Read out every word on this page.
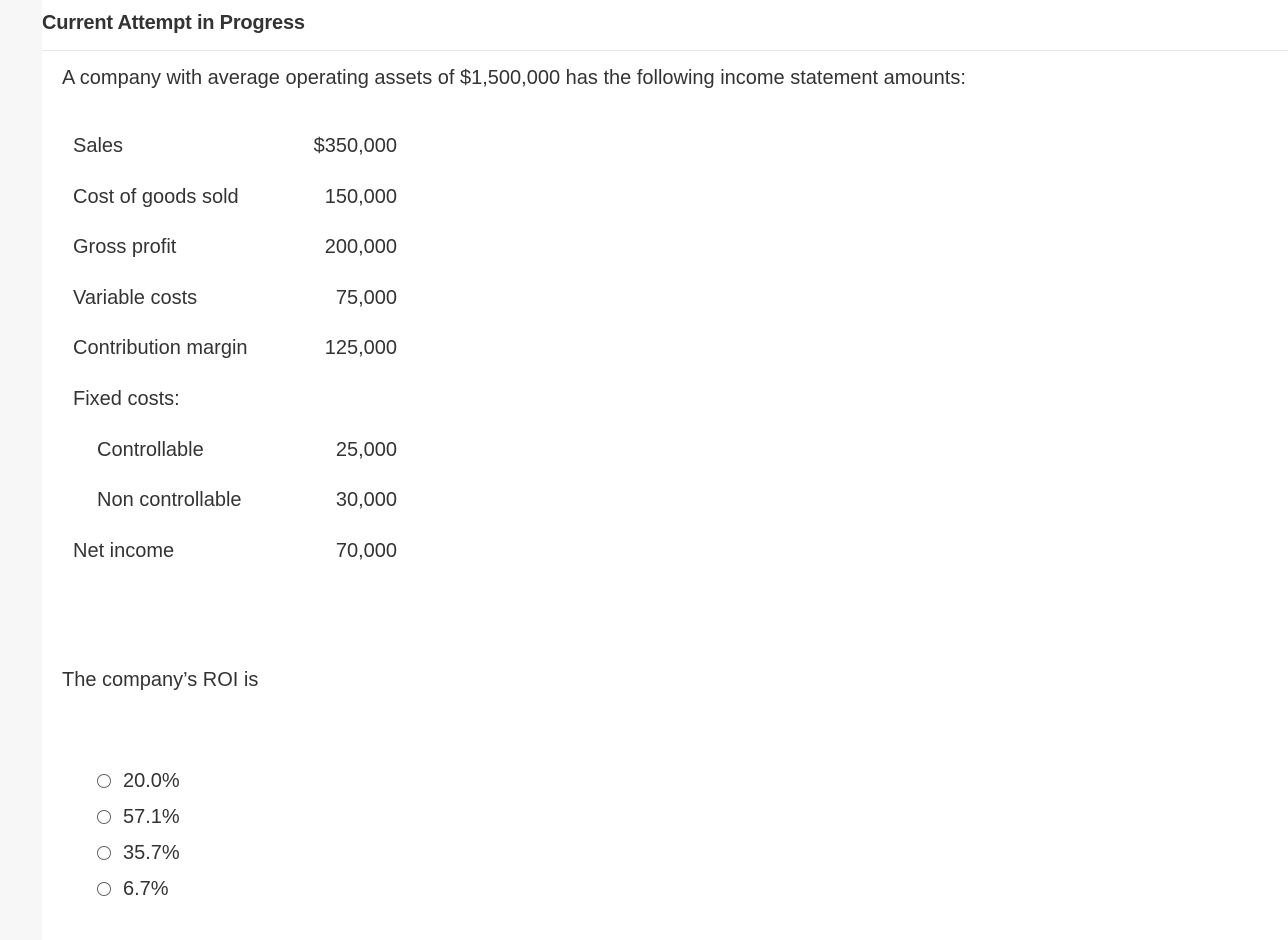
Current Attempt in Progress
A company with average operating assets of $1,500,000 has the following income statement amounts:
Sales	$350,000
Cost of goods sold	150,000
Gross profit	200,000
Variable costs	75,000
Contribution margin	125,000
Fixed costs:
Controllable	25,000
Non controllable	30,000
Net income	70,000
The company’s ROI is
20.0%
57.1%
35.7%
6.7%
